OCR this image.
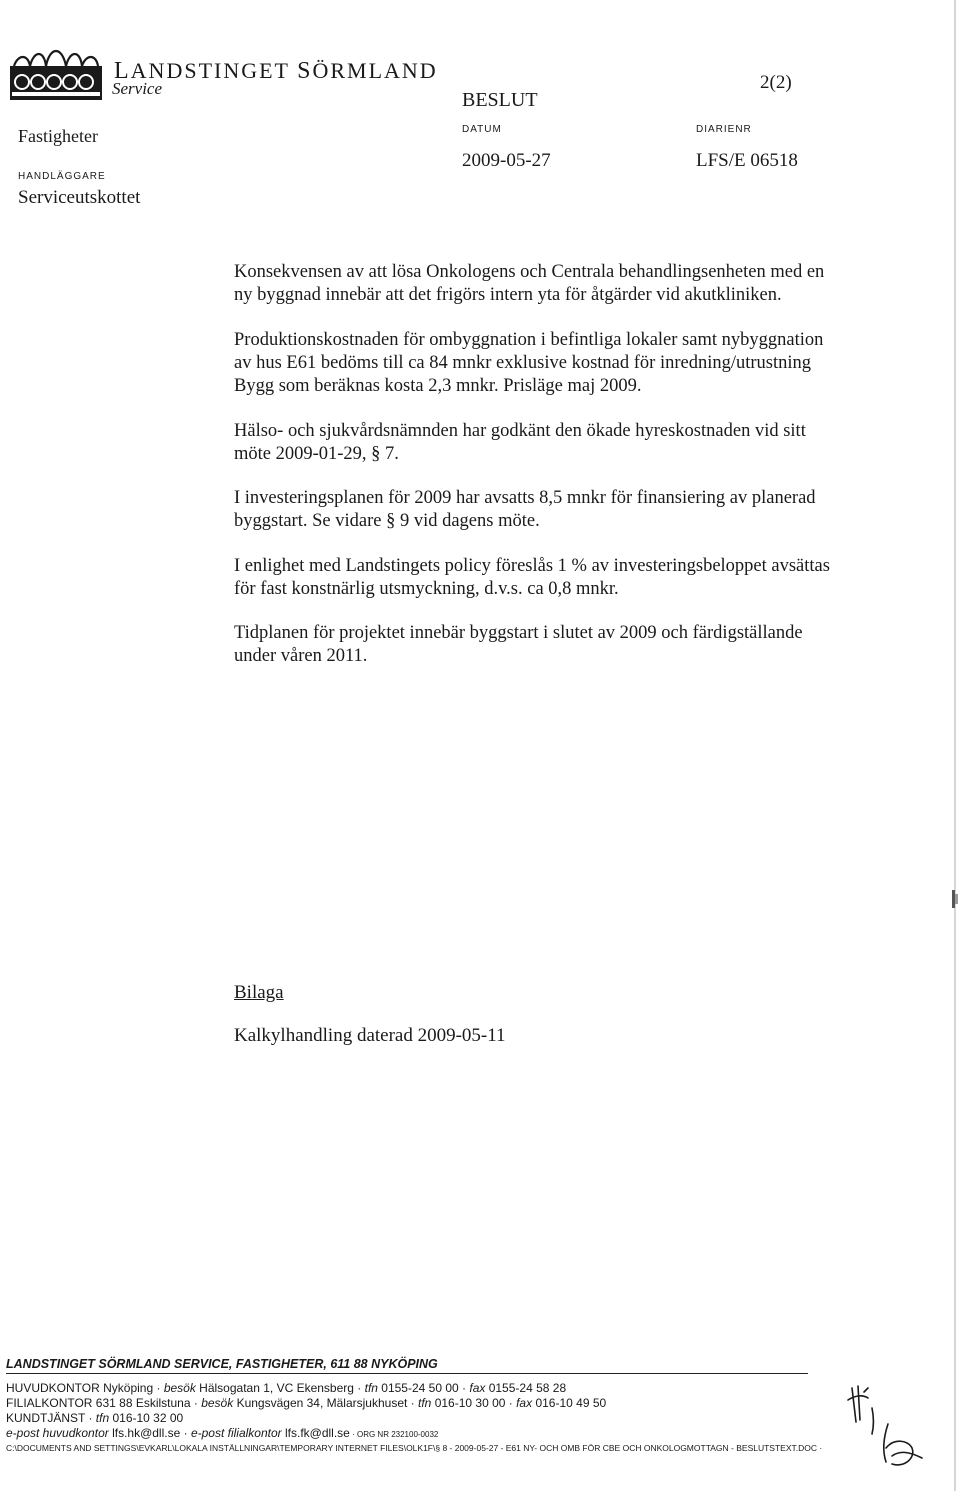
LANDSTINGET SÖRMLAND
Service	2(2)
BESLUT
Fastigheter	DATUM	DIARIENR
2009-05-27	LFS/E 06518
HANDLÄGGARE
Serviceutskottet
Konsekvensen av att lösa Onkologens och Centrala behandlingsenheten med en
ny byggnad innebär att det frigörs intern yta för åtgärder vid akutkliniken.
Produktionskostnaden för ombyggnation i befintliga lokaler samt nybyggnation
av hus E61 bedöms till ca 84 mnkr exklusive kostnad för inredning/utrustning
Bygg som beräknas kosta 2,3 mnkr. Prisläge maj 2009.
Hälso- och sjukvårdsnämnden har godkänt den ökade hyreskostnaden vid sitt
möte 2009-01-29, § 7.
I investeringsplanen för 2009 har avsatts 8,5 mnkr för finansiering av planerad
byggstart. Se vidare § 9 vid dagens möte.
I enlighet med Landstingets policy föreslås 1 % av investeringsbeloppet avsättas
för fast konstnärlig utsmyckning, d.v.s. ca 0,8 mnkr.
Tidplanen för projektet innebär byggstart i slutet av 2009 och färdigställande
under våren 2011.
Bilaga
Kalkylhandling daterad 2009-05-11
LANDSTINGET SÖRMLAND SERVICE, FASTIGHETER, 611 88 NYKÖPING
HUVUDKONTOR Nyköping · besök Hälsogatan 1, VC Ekensberg · tfn 0155-24 50 00 · fax 0155-24 58 28
FILIALKONTOR 631 88 Eskilstuna · besök Kungsvägen 34, Mälarsjukhuset · tfn 016-10 30 00 · fax 016-10 49 50
KUNDTJÄNST · tfn 016-10 32 00
e-post huvudkontor lfs.hk@dll.se · e-post filialkontor lfs.fk@dll.se · ORG NR 232100-0032
C:\DOCUMENTS AND SETTINGS\EVKARL\LOKALA INSTÄLLNINGAR\TEMPORARY INTERNET FILES\OLK1F\§ 8 - 2009-05-27 - E61 NY- OCH OMB FÖR CBE OCH ONKOLOGMOTTAGN - BESLUTSTEXT.DOC ·
